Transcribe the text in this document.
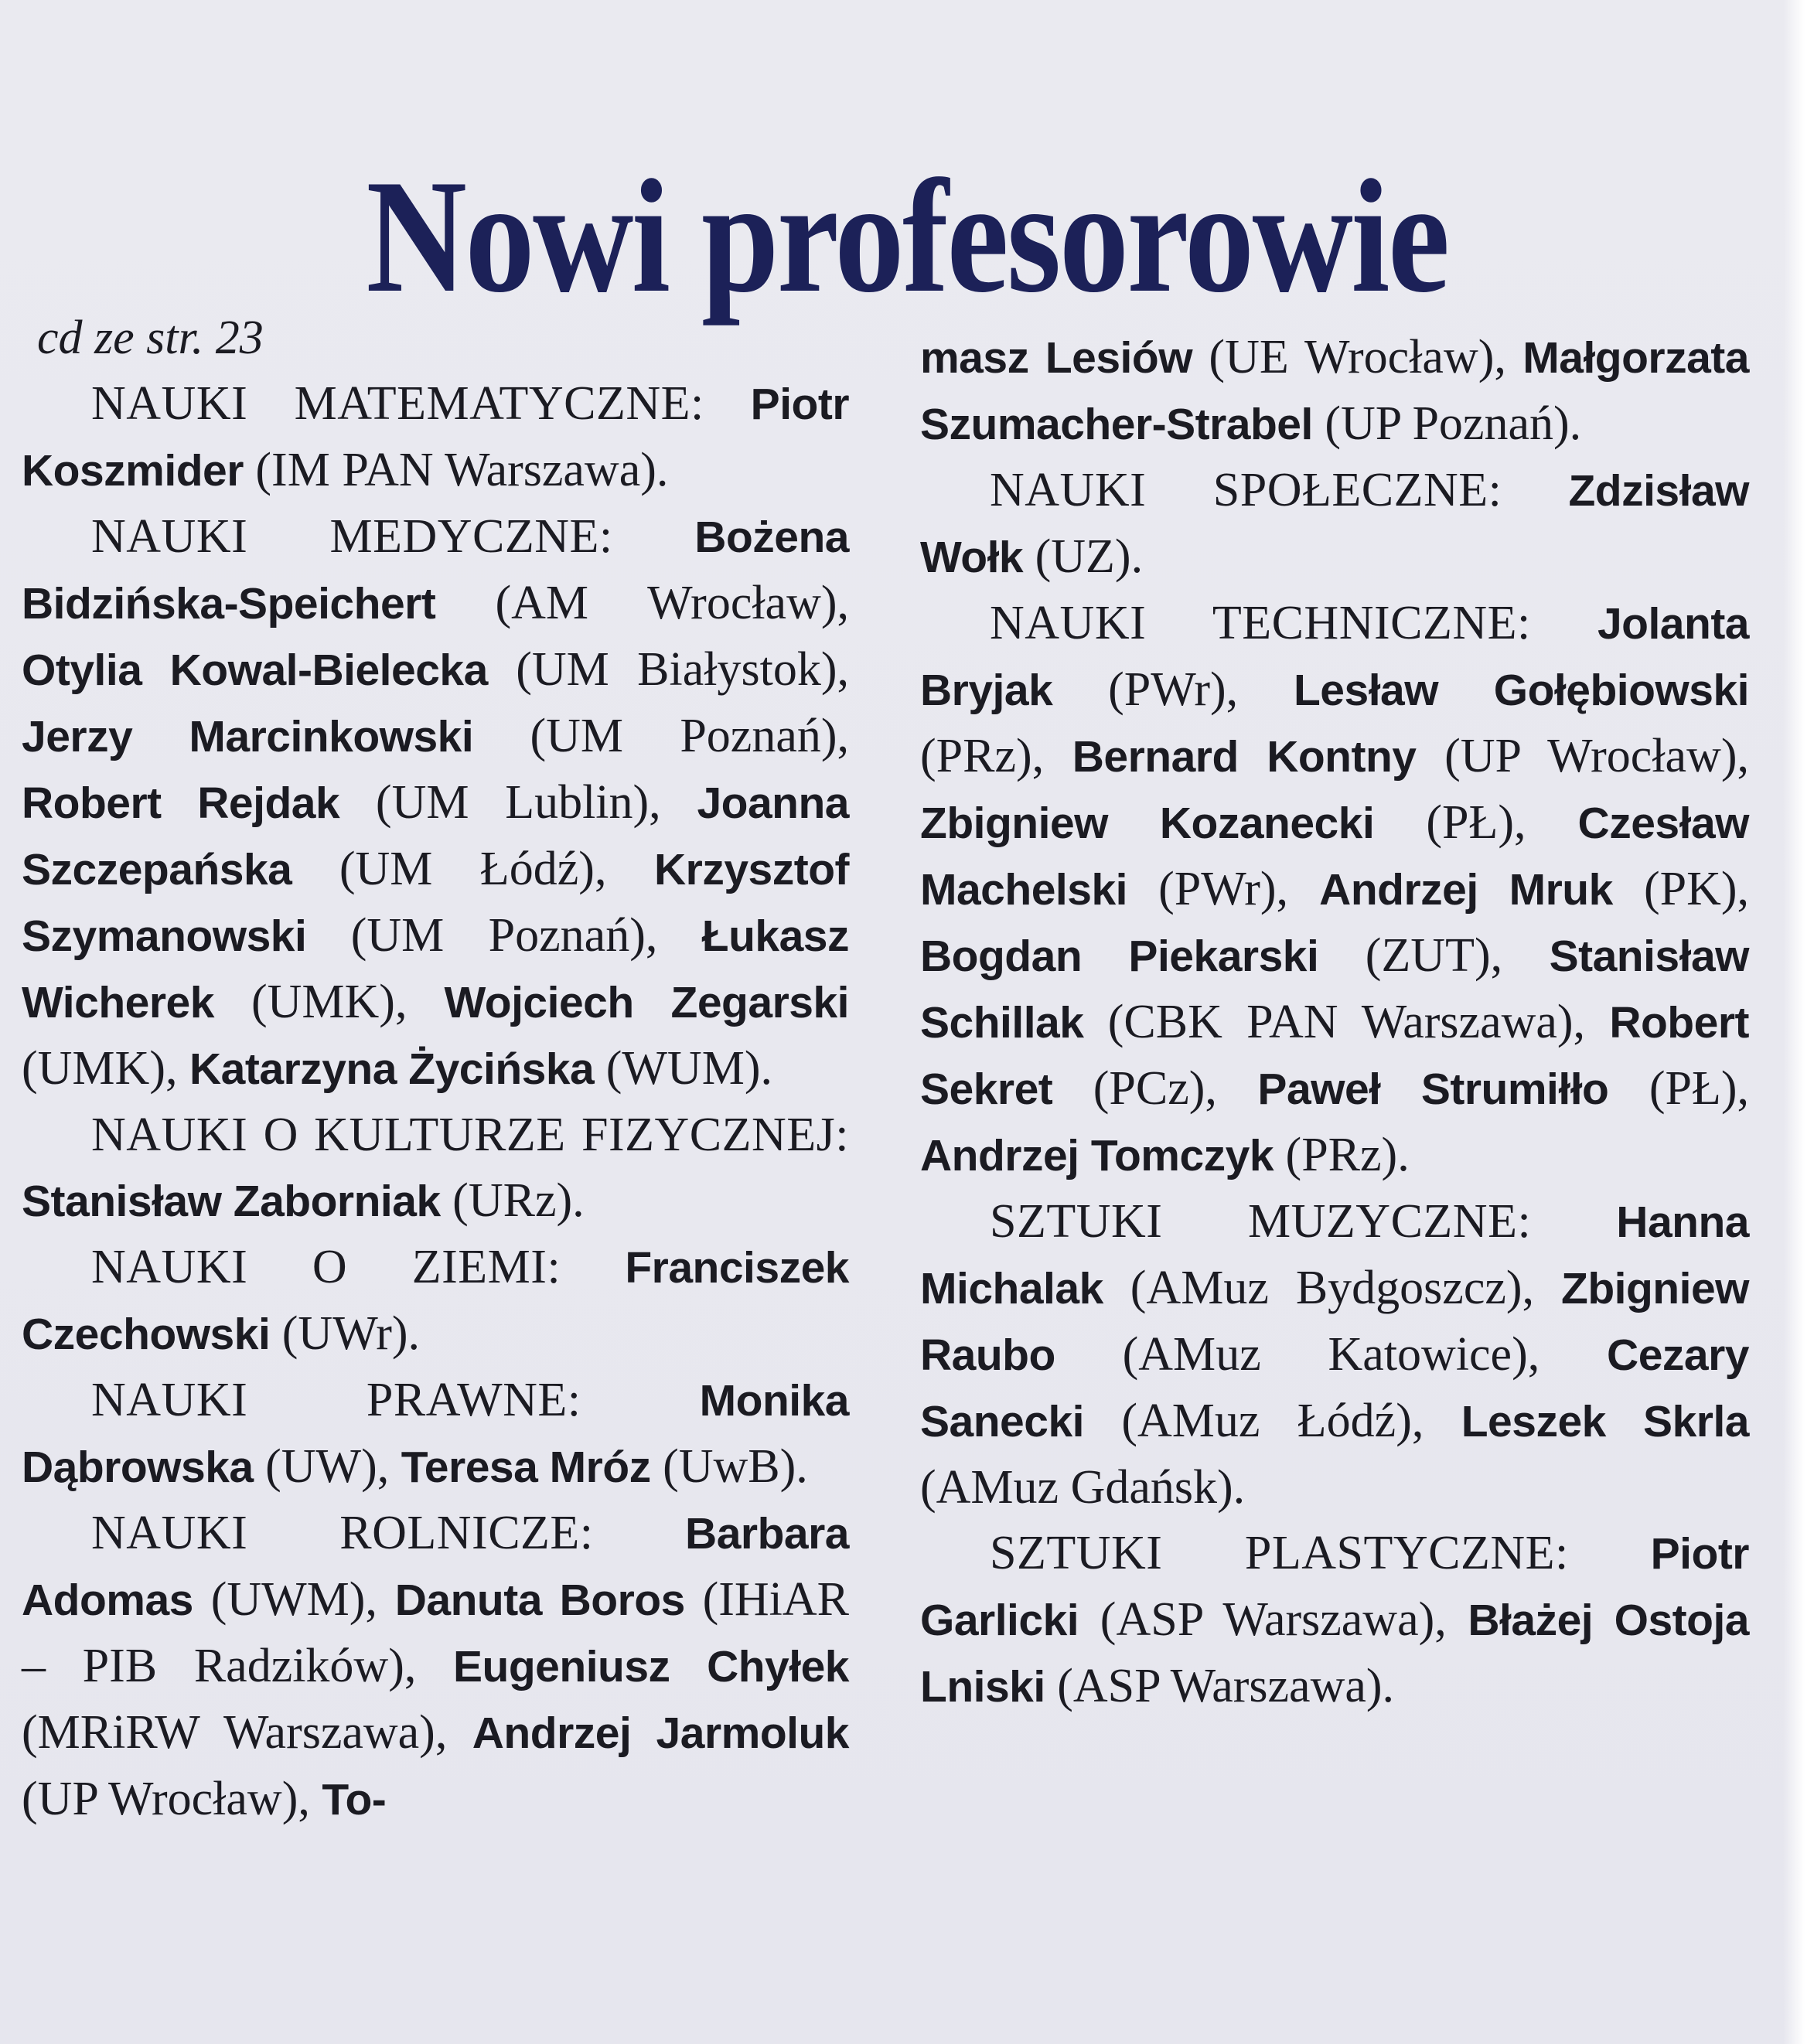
Nowi profesorowie

cd ze str. 23

NAUKI MATEMATYCZNE: Piotr Koszmider (IM PAN Warszawa).

NAUKI MEDYCZNE: Bożena Bidzińska-Speichert (AM Wrocław), Otylia Kowal-Bielecka (UM Białystok), Jerzy Marcinkowski (UM Poznań), Robert Rejdak (UM Lublin), Joanna Szczepańska (UM Łódź), Krzysztof Szymanowski (UM Poznań), Łukasz Wicherek (UMK), Wojciech Zegarski (UMK), Katarzyna Życińska (WUM).

NAUKI O KULTURZE FIZYCZNEJ: Stanisław Zaborniak (URz).

NAUKI O ZIEMI: Franciszek Czechowski (UWr).

NAUKI PRAWNE:	Monika Dąbrowska (UW), Teresa Mróz (UwB).

NAUKI ROLNICZE: Barbara Adomas (UWM), Danuta Boros (IHiAR – PIB Radzików), Eugeniusz Chyłek (MRiRW Warszawa), Andrzej Jarmoluk (UP Wrocław), To-

masz Lesiów (UE Wrocław), Małgorzata Szumacher-Strabel (UP Poznań).

NAUKI SPOŁECZNE: Zdzisław Wołk (UZ).

NAUKI TECHNICZNE: Jolanta Bryjak (PWr), Lesław Gołębiowski (PRz), Bernard Kontny (UP Wrocław), Zbigniew Kozanecki (PŁ), Czesław Machelski (PWr), Andrzej Mruk (PK), Bogdan Piekarski (ZUT), Stanisław Schillak (CBK PAN Warszawa), Robert Sekret (PCz), Paweł Strumiłło (PŁ), Andrzej Tomczyk (PRz).

SZTUKI MUZYCZNE: Hanna Michalak (AMuz Bydgoszcz), Zbigniew Raubo (AMuz Katowice), Cezary Sanecki (AMuz Łódź), Leszek Skrla (AMuz Gdańsk).

SZTUKI PLASTYCZNE: Piotr Garlicki (ASP Warszawa), Błażej Ostoja Lniski (ASP Warszawa).
